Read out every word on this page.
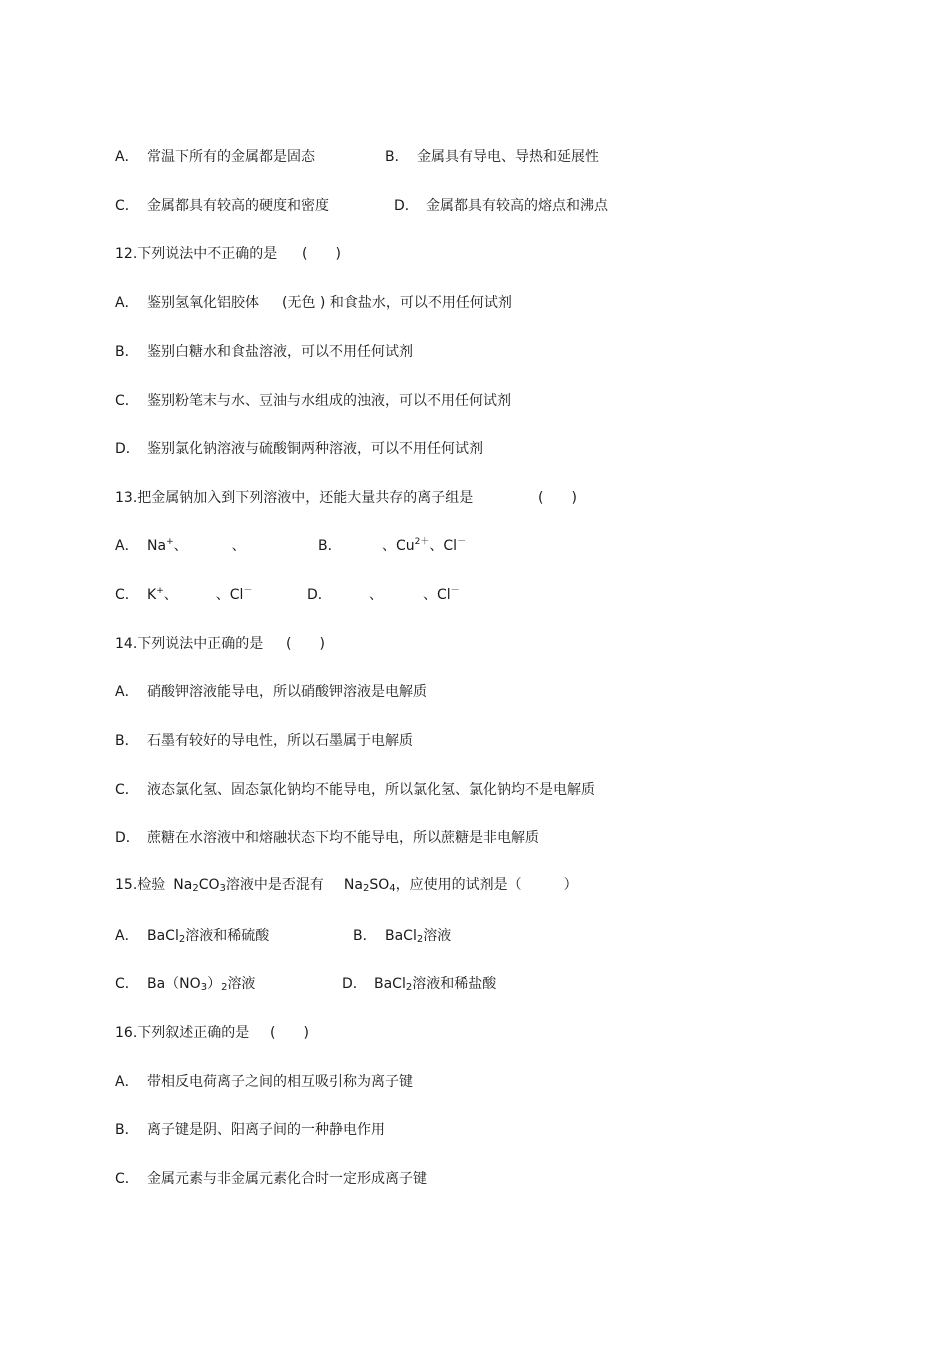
A． 常温下所有的金属都是固态	B． 金属具有导电、导热和延展性
C． 金属都具有较高的硬度和密度	D． 金属都具有较高的熔点和沸点
12.下列说法中不正确的是 (　　)
A． 鉴别氢氧化铝胶体 (无色 ) 和食盐水，可以不用任何试剂
B． 鉴别白糖水和食盐溶液，可以不用任何试剂
C． 鉴别粉笔末与水、豆油与水组成的浊液，可以不用任何试剂
D． 鉴别氯化钠溶液与硫酸铜两种溶液，可以不用任何试剂
13.把金属钠加入到下列溶液中，还能大量共存的离子组是	(　　)
A． Na+、	、	B．	、$Cu^{2+}$、Cl－
C． K+、	、Cl－	D．	、	、Cl－
14.下列说法中正确的是 (　　)
A． 硝酸钾溶液能导电，所以硝酸钾溶液是电解质
B． 石墨有较好的导电性，所以石墨属于电解质
C． 液态氯化氢、固态氯化钠均不能导电，所以氯化氢、氯化钠均不是电解质
D． 蔗糖在水溶液中和熔融状态下均不能导电，所以蔗糖是非电解质
15.检验 $Na_2CO_3$溶液中是否混有 $Na_2SO_4$，应使用的试剂是（　　　）
A． BaCl$_2$溶液和稀硫酸	B． BaCl$_2$溶液
C． $Ba(NO_3)_2$溶液	D． BaCl$_2$溶液和稀盐酸
16.下列叙述正确的是 (　　)
A． 带相反电荷离子之间的相互吸引称为离子键
B． 离子键是阴、阳离子间的一种静电作用
C． 金属元素与非金属元素化合时一定形成离子键
